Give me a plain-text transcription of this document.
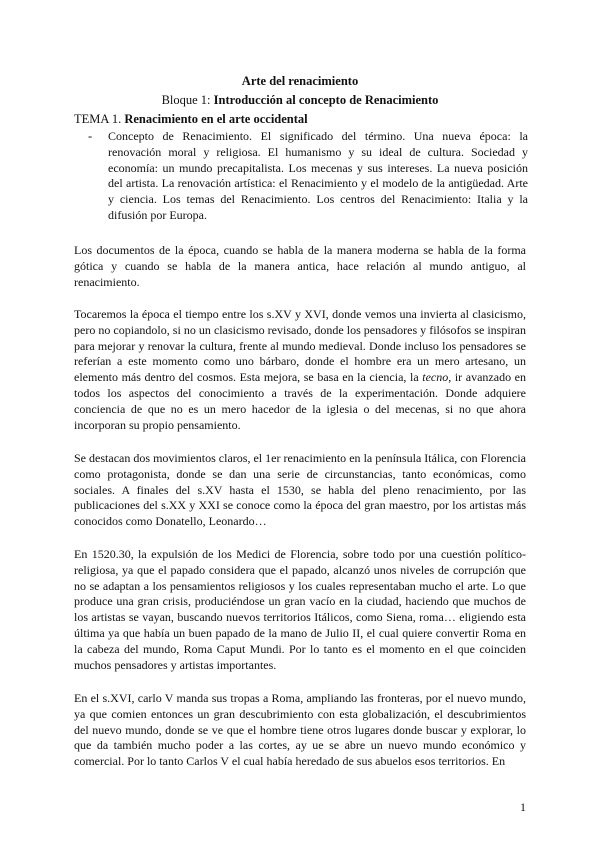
Arte del renacimiento
Bloque 1: Introducción al concepto de Renacimiento
TEMA 1. Renacimiento en el arte occidental
- Concepto de Renacimiento. El significado del término. Una nueva época: la renovación moral y religiosa. El humanismo y su ideal de cultura. Sociedad y economía: un mundo precapitalista. Los mecenas y sus intereses. La nueva posición del artista. La renovación artística: el Renacimiento y el modelo de la antigüedad. Arte y ciencia. Los temas del Renacimiento. Los centros del Renacimiento: Italia y la difusión por Europa.

Los documentos de la época, cuando se habla de la manera moderna se habla de la forma gótica y cuando se habla de la manera antica, hace relación al mundo antiguo, al renacimiento.

Tocaremos la época el tiempo entre los s.XV y XVI, donde vemos una invierta al clasicismo, pero no copiandolo, si no un clasicismo revisado, donde los pensadores y filósofos se inspiran para mejorar y renovar la cultura, frente al mundo medieval. Donde incluso los pensadores se referían a este momento como uno bárbaro, donde el hombre era un mero artesano, un elemento más dentro del cosmos. Esta mejora, se basa en la ciencia, la tecno, ir avanzado en todos los aspectos del conocimiento a través de la experimentación. Donde adquiere conciencia de que no es un mero hacedor de la iglesia o del mecenas, si no que ahora incorporan su propio pensamiento.

Se destacan dos movimientos claros, el 1er renacimiento en la península Itálica, con Florencia como protagonista, donde se dan una serie de circunstancias, tanto económicas, como sociales. A finales del s.XV hasta el 1530, se habla del pleno renacimiento, por las publicaciones del s.XX y XXI se conoce como la época del gran maestro, por los artistas más conocidos como Donatello, Leonardo…

En 1520.30, la expulsión de los Medici de Florencia, sobre todo por una cuestión político-religiosa, ya que el papado considera que el papado, alcanzó unos niveles de corrupción que no se adaptan a los pensamientos religiosos y los cuales representaban mucho el arte. Lo que produce una gran crisis, produciéndose un gran vacío en la ciudad, haciendo que muchos de los artistas se vayan, buscando nuevos territorios Itálicos, como Siena, roma… eligiendo esta última ya que había un buen papado de la mano de Julio II, el cual quiere convertir Roma en la cabeza del mundo, Roma Caput Mundi. Por lo tanto es el momento en el que coinciden muchos pensadores y artistas importantes.

En el s.XVI, carlo V manda sus tropas a Roma, ampliando las fronteras, por el nuevo mundo, ya que comien entonces un gran descubrimiento con esta globalización, el descubrimientos del nuevo mundo, donde se ve que el hombre tiene otros lugares donde buscar y explorar, lo que da también mucho poder a las cortes, ay ue se abre un nuevo mundo económico y comercial. Por lo tanto Carlos V el cual había heredado de sus abuelos esos territorios. En

1
